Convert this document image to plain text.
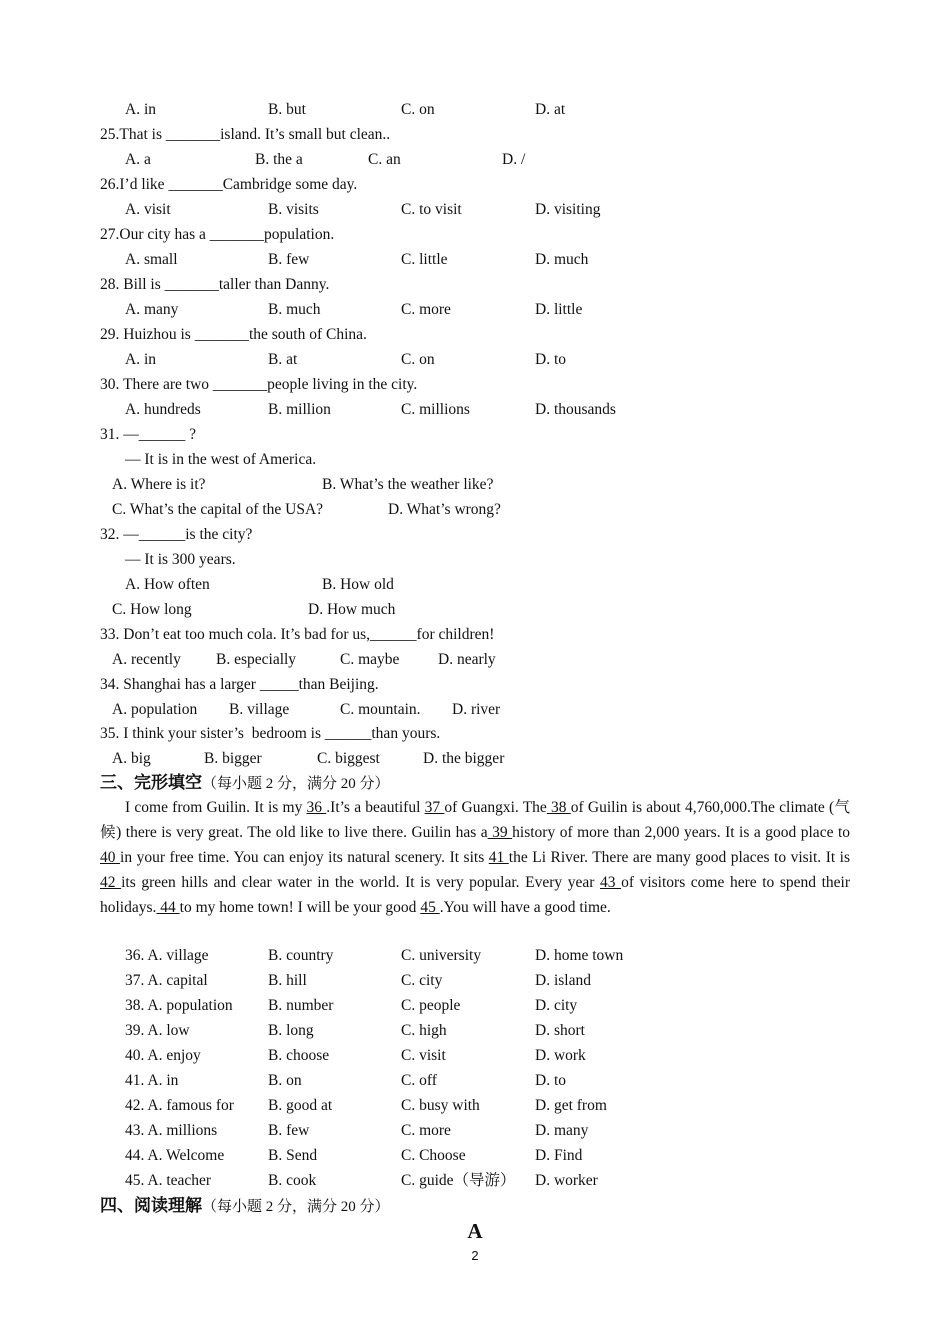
A. in	B. but	C. on	D. at
25.That is _______island. It’s small but clean..
A. a	B. the a	C. an	D. /
26.I’d like _______Cambridge some day.
A. visit	B. visits	C. to visit	D. visiting
27.Our city has a _______population.
A. small	B. few	C. little	D. much
28. Bill is _______taller than Danny.
A. many	B. much	C. more	D. little
29. Huizhou is _______the south of China.
A. in	B. at	C. on	D. to
30. There are two _______people living in the city.
A. hundreds	B. million	C. millions	D. thousands
31. —______ ?
— It is in the west of America.
A. Where is it?	B. What’s the weather like?
C. What’s the capital of the USA?	D. What’s wrong?
32. —______is the city?
— It is 300 years.
A. How often	B. How old
C. How long	D. How much
33. Don’t eat too much cola. It’s bad for us,______for children!
A. recently B. especially	C. maybe D. nearly
34. Shanghai has a larger _____than Beijing.
A. population B. village	C. mountain. D. river
35. I think your sister’s  bedroom is ______than yours.
A. big	B. bigger	C. biggest	D. the bigger
三、完形填空（每小题 2 分，满分 20 分）
I come from Guilin. It is my 36 .It’s a beautiful 37 of Guangxi. The 38 of Guilin is about 4,760,000.The climate (气候) there is very great. The old like to live there. Guilin has a 39 history of more than 2,000 years. It is a good place to 40 in your free time. You can enjoy its natural scenery. It sits 41 the Li River. There are many good places to visit. It is 42 its green hills and clear water in the world. It is very popular. Every year 43 of visitors come here to spend their holidays. 44 to my home town! I will be your good 45 .You will have a good time.
36. A. village	B. country	C. university	D. home town
37. A. capital	B. hill	C. city	D. island
38. A. population B. number	C. people	D. city
39. A. low	B. long	C. high	D. short
40. A. enjoy	B. choose	C. visit	D. work
41. A. in	B. on	C. off	D. to
42. A. famous for B. good at	C. busy with	D. get from
43. A. millions	B. few	C. more	D. many
44. A. Welcome	B. Send	C. Choose	D. Find
45. A. teacher	B. cook	C. guide（导游） D. worker
四、阅读理解（每小题 2 分，满分 20 分）
A
2
